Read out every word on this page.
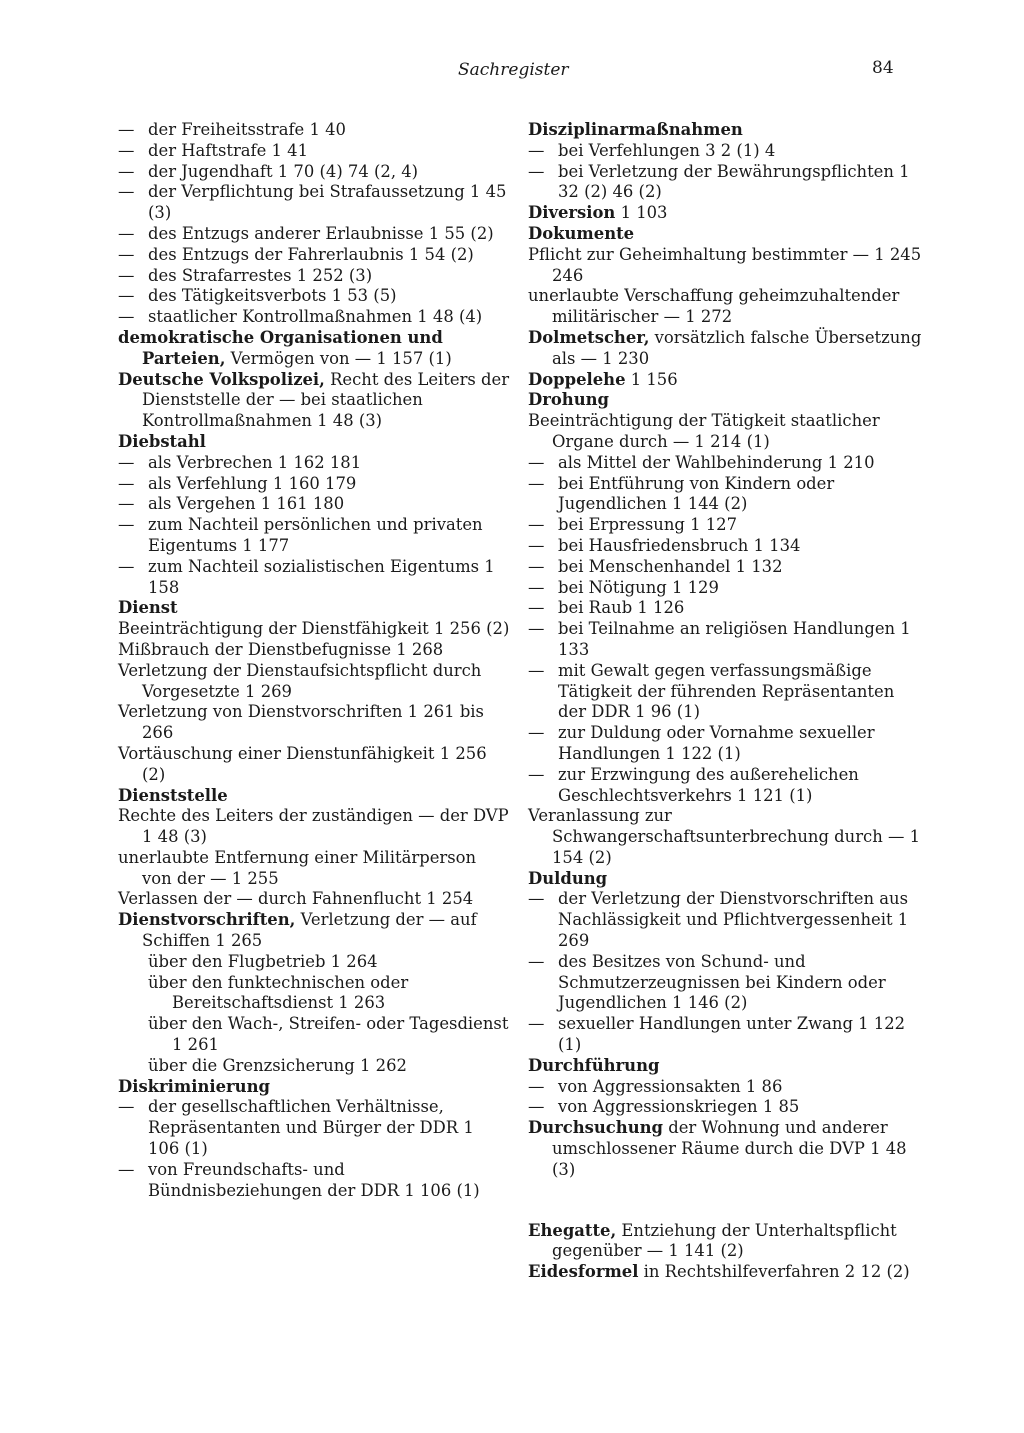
Sachregister	84

— der Freiheitsstrafe 1 40

— der Haftstrafe 1 41

— der Jugendhaft 1 70 (4) 74 (2, 4)

— der Verpflichtung bei Strafaussetzung 1 45 (3)

— des Entzugs anderer Erlaubnisse 1 55 (2)

— des Entzugs der Fahrerlaubnis 1 54 (2)

— des Strafarrestes 1 252 (3)

— des Tätigkeitsverbots 1 53 (5)

— staatlicher Kontrollmaßnahmen 1 48 (4)

demokratische Organisationen und Parteien, Vermögen von — 1 157 (1)

Deutsche Volkspolizei, Recht des Leiters der Dienststelle der — bei staatlichen Kontrollmaßnahmen 1 48 (3)

Diebstahl

— als Verbrechen 1 162 181

— als Verfehlung 1 160 179

— als Vergehen 1 161 180

— zum Nachteil persönlichen und privaten Eigentums 1 177

— zum Nachteil sozialistischen Eigentums 1 158

Dienst

Beeinträchtigung der Dienstfähigkeit 1 256 (2)

Mißbrauch der Dienstbefugnisse 1 268

Verletzung der Dienstaufsichtspflicht durch Vorgesetzte 1 269

Verletzung von Dienstvorschriften 1 261 bis 266

Vortäuschung einer Dienstunfähigkeit 1 256 (2)

Dienststelle

Rechte des Leiters der zuständigen — der DVP 1 48 (3)

unerlaubte Entfernung einer Militärperson von der — 1 255

Verlassen der — durch Fahnenflucht 1 254

Dienstvorschriften, Verletzung der — auf Schiffen 1 265

über den Flugbetrieb 1 264

über den funktechnischen oder Bereitschaftsdienst 1 263

über den Wach-, Streifen- oder Tagesdienst 1 261

über die Grenzsicherung 1 262

Diskriminierung

— der gesellschaftlichen Verhältnisse, Repräsentanten und Bürger der DDR 1 106 (1)

— von Freundschafts- und Bündnisbeziehungen der DDR 1 106 (1)

Disziplinarmaßnahmen

— bei Verfehlungen 3 2 (1) 4

— bei Verletzung der Bewährungspflichten 1 32 (2) 46 (2)

Diversion 1 103

Dokumente

Pflicht zur Geheimhaltung bestimmter — 1 245 246

unerlaubte Verschaffung geheimzuhaltender militärischer — 1 272

Dolmetscher, vorsätzlich falsche Übersetzung als — 1 230

Doppelehe 1 156

Drohung

Beeinträchtigung der Tätigkeit staatlicher Organe durch — 1 214 (1)

— als Mittel der Wahlbehinderung 1 210

— bei Entführung von Kindern oder Jugendlichen 1 144 (2)

— bei Erpressung 1 127

— bei Hausfriedensbruch 1 134

— bei Menschenhandel 1 132

— bei Nötigung 1 129

— bei Raub 1 126

— bei Teilnahme an religiösen Handlungen 1 133

— mit Gewalt gegen verfassungsmäßige Tätigkeit der führenden Repräsentanten der DDR 1 96 (1)

— zur Duldung oder Vornahme sexueller Handlungen 1 122 (1)

— zur Erzwingung des außerehelichen Geschlechtsverkehrs 1 121 (1)

Veranlassung zur Schwangerschaftsunterbrechung durch — 1 154 (2)

Duldung

— der Verletzung der Dienstvorschriften aus Nachlässigkeit und Pflichtvergessenheit 1 269

— des Besitzes von Schund- und Schmutzerzeugnissen bei Kindern oder Jugendlichen 1 146 (2)

— sexueller Handlungen unter Zwang 1 122 (1)

Durchführung

— von Aggressionsakten 1 86

— von Aggressionskriegen 1 85

Durchsuchung der Wohnung und anderer umschlossener Räume durch die DVP 1 48 (3)

Ehegatte, Entziehung der Unterhaltspflicht gegenüber — 1 141 (2)

Eidesformel in Rechtshilfeverfahren 2 12 (2)
